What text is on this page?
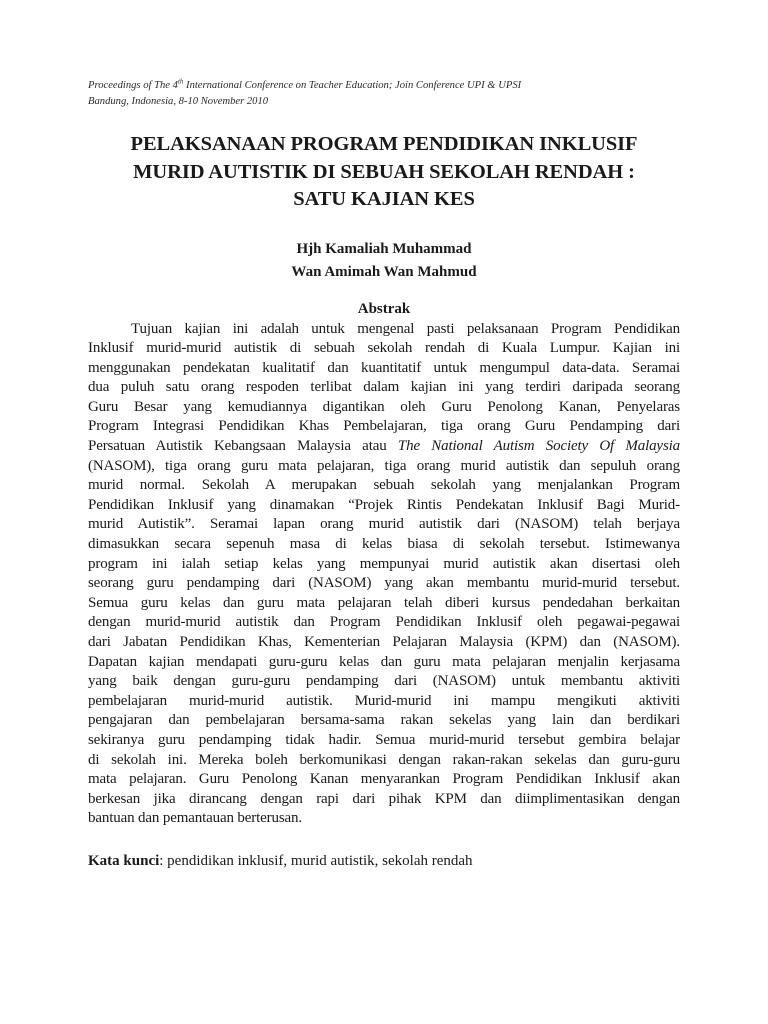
Proceedings of The 4th International Conference on Teacher Education; Join Conference UPI & UPSI
Bandung, Indonesia, 8-10 November 2010
PELAKSANAAN PROGRAM PENDIDIKAN INKLUSIF
MURID AUTISTIK DI SEBUAH SEKOLAH RENDAH :
SATU KAJIAN KES
Hjh Kamaliah Muhammad
Wan Amimah Wan Mahmud
Abstrak
Tujuan kajian ini adalah untuk mengenal pasti pelaksanaan Program Pendidikan
Inklusif murid-murid autistik di sebuah sekolah rendah di Kuala Lumpur. Kajian ini
menggunakan pendekatan kualitatif dan kuantitatif untuk mengumpul data-data. Seramai
dua puluh satu orang respoden terlibat dalam kajian ini yang terdiri daripada seorang
Guru Besar yang kemudiannya digantikan oleh Guru Penolong Kanan, Penyelaras
Program Integrasi Pendidikan Khas Pembelajaran, tiga orang Guru Pendamping dari
Persatuan Autistik Kebangsaan Malaysia atau The National Autism Society Of Malaysia
(NASOM), tiga orang guru mata pelajaran, tiga orang murid autistik dan sepuluh orang
murid normal. Sekolah A merupakan sebuah sekolah yang menjalankan Program
Pendidikan Inklusif yang dinamakan “Projek Rintis Pendekatan Inklusif Bagi Murid-
murid Autistik”. Seramai lapan orang murid autistik dari (NASOM) telah berjaya
dimasukkan secara sepenuh masa di kelas biasa di sekolah tersebut. Istimewanya
program ini ialah setiap kelas yang mempunyai murid autistik akan disertasi oleh
seorang guru pendamping dari (NASOM) yang akan membantu murid-murid tersebut.
Semua guru kelas dan guru mata pelajaran telah diberi kursus pendedahan berkaitan
dengan murid-murid autistik dan Program Pendidikan Inklusif oleh pegawai-pegawai
dari Jabatan Pendidikan Khas, Kementerian Pelajaran Malaysia (KPM) dan (NASOM).
Dapatan kajian mendapati guru-guru kelas dan guru mata pelajaran menjalin kerjasama
yang baik dengan guru-guru pendamping dari (NASOM) untuk membantu aktiviti
pembelajaran murid-murid autistik. Murid-murid ini mampu mengikuti aktiviti
pengajaran dan pembelajaran bersama-sama rakan sekelas yang lain dan berdikari
sekiranya guru pendamping tidak hadir. Semua murid-murid tersebut gembira belajar
di sekolah ini. Mereka boleh berkomunikasi dengan rakan-rakan sekelas dan guru-guru
mata pelajaran. Guru Penolong Kanan menyarankan Program Pendidikan Inklusif akan
berkesan jika dirancang dengan rapi dari pihak KPM dan diimplimentasikan dengan
bantuan dan pemantauan berterusan.
Kata kunci: pendidikan inklusif, murid autistik, sekolah rendah
